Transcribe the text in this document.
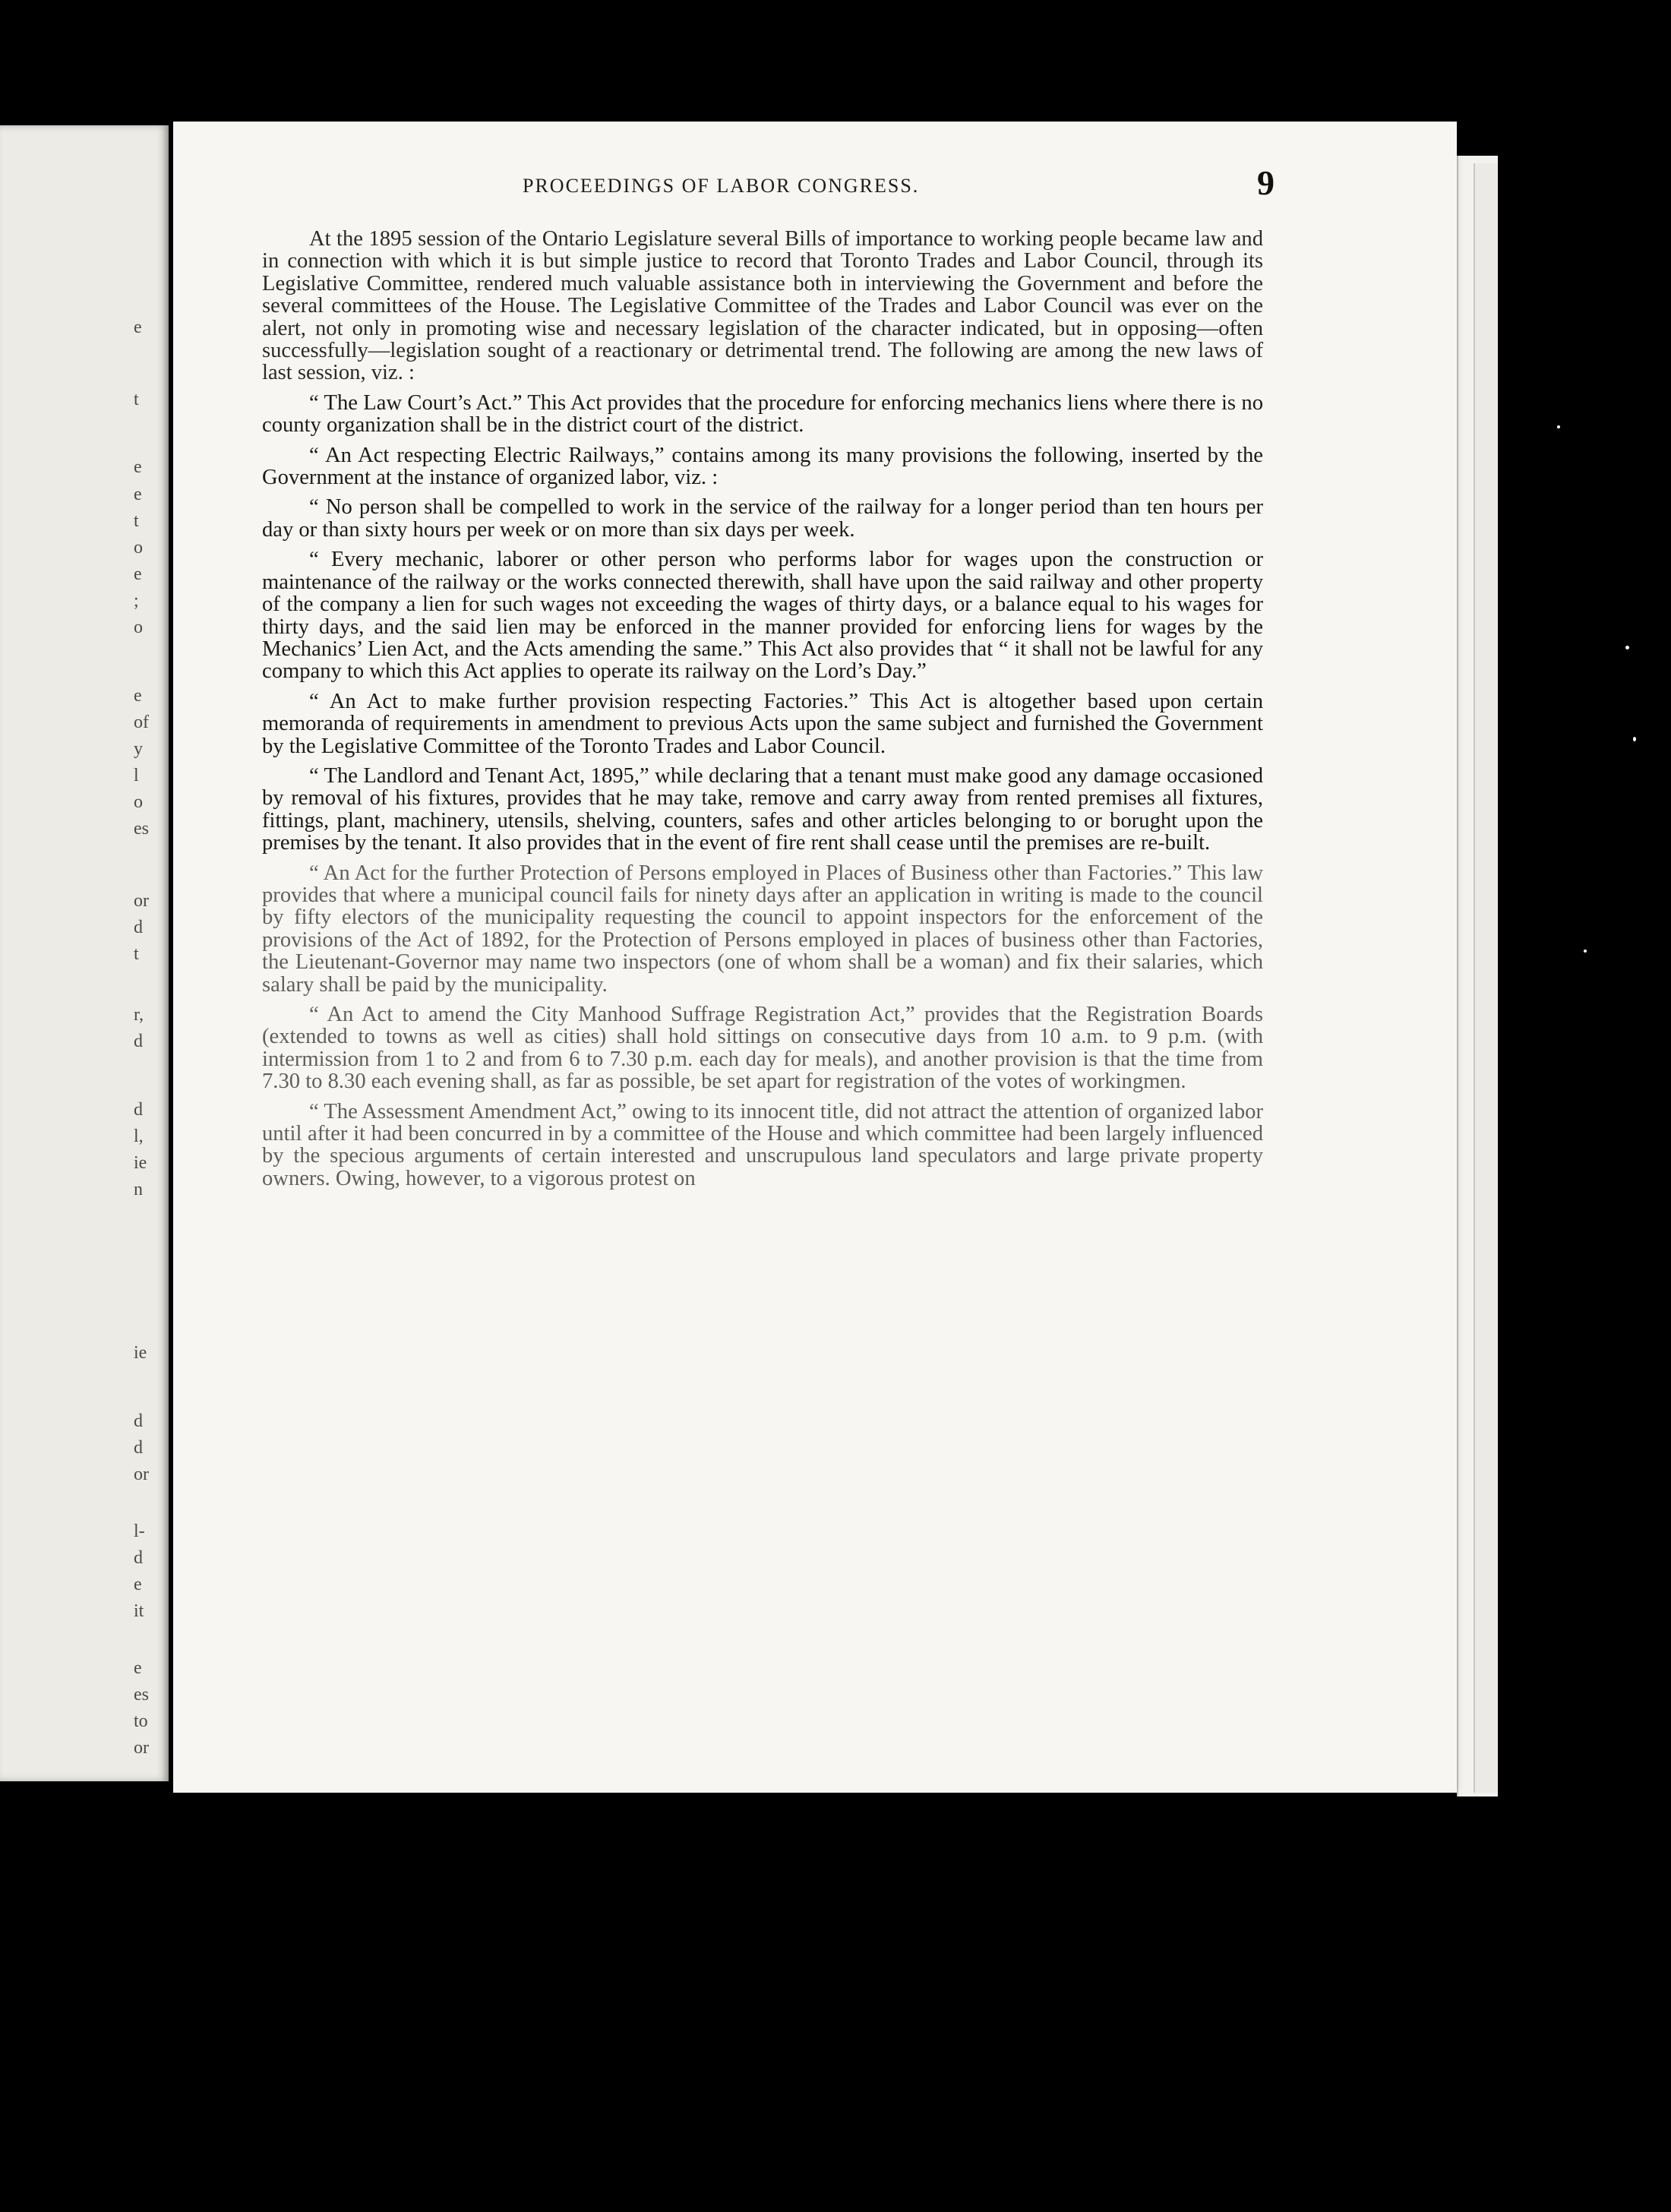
e
t
e
e
t
o
e
;
o
e
of
y
l
o
es
or
d
t
r,
d
d
l,
ie
n
ie
d
d
or
l-
d
e
it
e
es
to
or
PROCEEDINGS OF LABOR CONGRESS.	9

At the 1895 session of the Ontario Legislature several Bills of importance to working people became law and in connection with which it is but simple justice to record that Toronto Trades and Labor Council, through its Legislative Committee, rendered much valuable assistance both in interviewing the Government and before the several committees of the House. The Legislative Committee of the Trades and Labor Council was ever on the alert, not only in promoting wise and necessary legislation of the character indicated, but in opposing—often successfully—legislation sought of a reactionary or detrimental trend. The following are among the new laws of last session, viz. :

“ The Law Court’s Act.” This Act provides that the procedure for enforcing mechanics liens where there is no county organization shall be in the district court of the district.

“ An Act respecting Electric Railways,” contains among its many provisions the following, inserted by the Government at the instance of organized labor, viz. :

“ No person shall be compelled to work in the service of the railway for a longer period than ten hours per day or than sixty hours per week or on more than six days per week.

“ Every mechanic, laborer or other person who performs labor for wages upon the construction or maintenance of the railway or the works connected therewith, shall have upon the said railway and other property of the company a lien for such wages not exceeding the wages of thirty days, or a balance equal to his wages for thirty days, and the said lien may be enforced in the manner provided for enforcing liens for wages by the Mechanics’ Lien Act, and the Acts amending the same.” This Act also provides that “ it shall not be lawful for any company to which this Act applies to operate its railway on the Lord’s Day.”

“ An Act to make further provision respecting Factories.” This Act is altogether based upon certain memoranda of requirements in amendment to previous Acts upon the same subject and furnished the Government by the Legislative Committee of the Toronto Trades and Labor Council.

“ The Landlord and Tenant Act, 1895,” while declaring that a tenant must make good any damage occasioned by removal of his fixtures, provides that he may take, remove and carry away from rented premises all fixtures, fittings, plant, machinery, utensils, shelving, counters, safes and other articles belonging to or borught upon the premises by the tenant. It also provides that in the event of fire rent shall cease until the premises are re-built.

“ An Act for the further Protection of Persons employed in Places of Business other than Factories.” This law provides that where a municipal council fails for ninety days after an application in writing is made to the council by fifty electors of the municipality requesting the council to appoint inspectors for the enforcement of the provisions of the Act of 1892, for the Protection of Persons employed in places of business other than Factories, the Lieutenant-Governor may name two inspectors (one of whom shall be a woman) and fix their salaries, which salary shall be paid by the municipality.

“ An Act to amend the City Manhood Suffrage Registration Act,” provides that the Registration Boards (extended to towns as well as cities) shall hold sittings on consecutive days from 10 a.m. to 9 p.m. (with intermission from 1 to 2 and from 6 to 7.30 p.m. each day for meals), and another provision is that the time from 7.30 to 8.30 each evening shall, as far as possible, be set apart for registration of the votes of workingmen.

“ The Assessment Amendment Act,” owing to its innocent title, did not attract the attention of organized labor until after it had been concurred in by a committee of the House and which committee had been largely influenced by the specious arguments of certain interested and unscrupulous land speculators and large private property owners. Owing, however, to a vigorous protest on
